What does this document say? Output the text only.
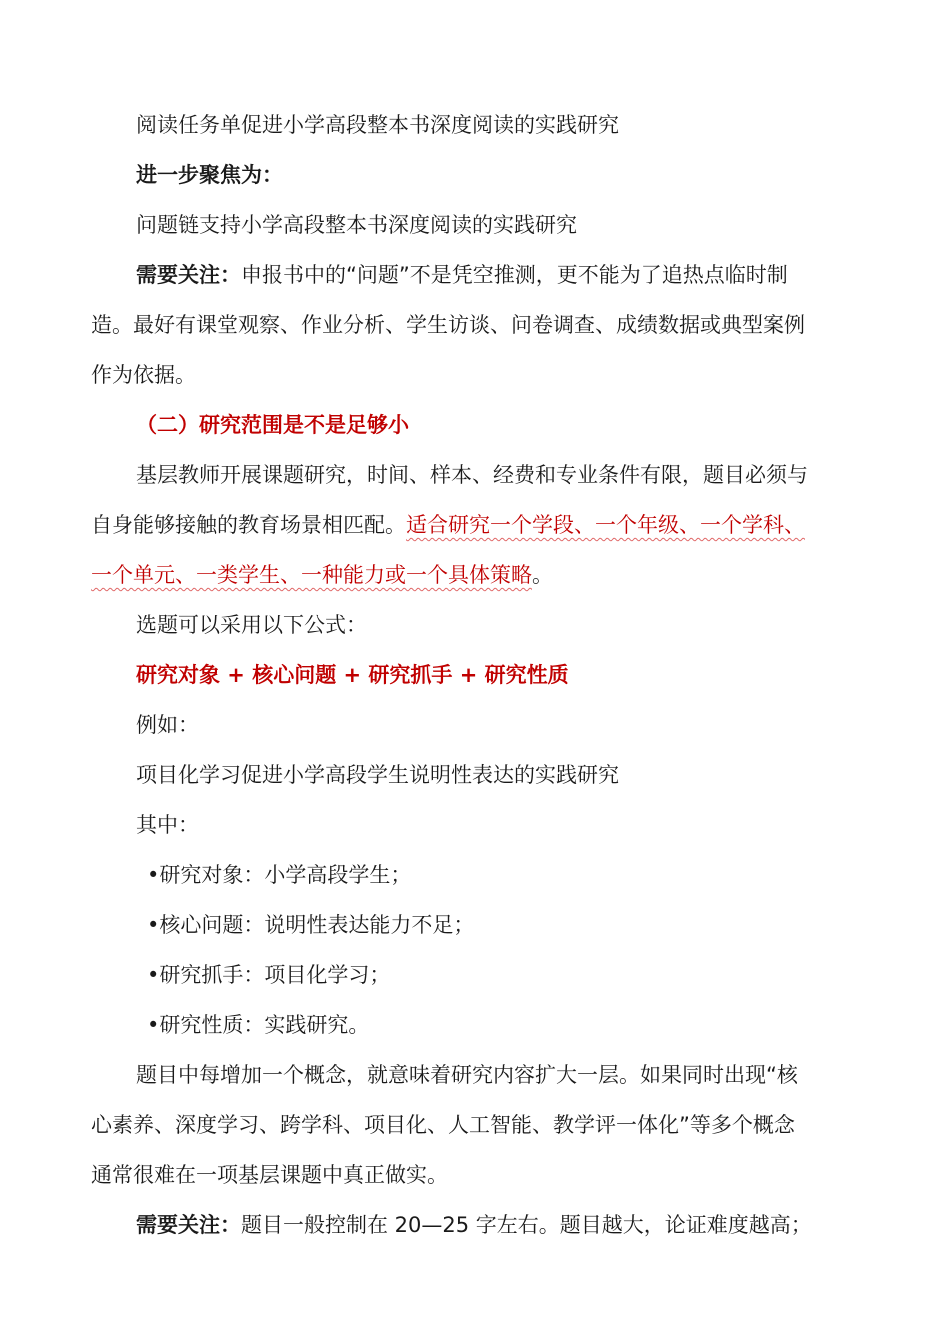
阅读任务单促进小学高段整本书深度阅读的实践研究
进一步聚焦为：
问题链支持小学高段整本书深度阅读的实践研究
需要关注：申报书中的“问题”不是凭空推测，更不能为了追热点临时制
造。最好有课堂观察、作业分析、学生访谈、问卷调查、成绩数据或典型案例
作为依据。
（二）研究范围是不是足够小
基层教师开展课题研究，时间、样本、经费和专业条件有限，题目必须与
自身能够接触的教育场景相匹配。适合研究一个学段、一个年级、一个学科、
一个单元、一类学生、一种能力或一个具体策略。
选题可以采用以下公式：
研究对象 + 核心问题 + 研究抓手 + 研究性质
例如：
项目化学习促进小学高段学生说明性表达的实践研究
其中：
•研究对象：小学高段学生；
•核心问题：说明性表达能力不足；
•研究抓手：项目化学习；
•研究性质：实践研究。
题目中每增加一个概念，就意味着研究内容扩大一层。如果同时出现“核
心素养、深度学习、跨学科、项目化、人工智能、教学评一体化”等多个概念
通常很难在一项基层课题中真正做实。
需要关注：题目一般控制在 20—25 字左右。题目越大，论证难度越高；
